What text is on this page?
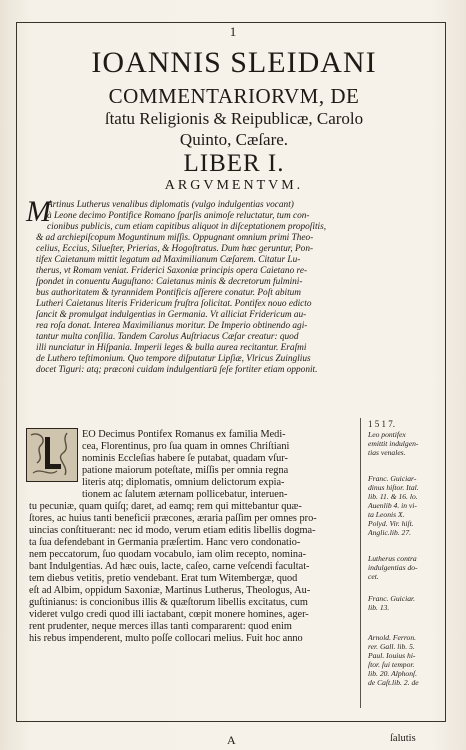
1
IOANNIS SLEIDANI
COMMENTARIORVM, DE
ſtatu Religionis & Reipublicæ, Carolo
Quinto, Cæſare.
LIBER I.
ARGVMENTVM.
M
Artinus Lutherus venalibus diplomatis (vulgo indulgentias vocant)
à Leone decimo Pontifice Romano ſparſis animoſe reluctatur, tum con-
cionibus publicis, cum etiam capitibus aliquot in diſceptationem propoſitis,
& ad archiepiſcopum Moguntinum miſſis. Oppugnant omnium primi Theo-
celius, Eccius, Silueſter, Prierias, & Hogoſtratus. Dum hæc geruntur, Pon-
tifex Caietanum mittit legatum ad Maximilianum Cæſarem. Citatur Lu-
therus, vt Romam veniat. Friderici Saxoniæ principis opera Caietano re-
ſpondet in conuentu Auguſtano: Caietanus minis & decretorum fulmini-
bus authoritatem & tyrannidem Pontificis aſſerere conatur. Poſt abitum
Lutheri Caietanus literis Fridericum fruſtra ſolicitat. Pontifex nouo edicto
ſancit & promulgat indulgentias in Germania. Vt alliciat Fridericum au-
rea roſa donat. Interea Maximilianus moritur. De Imperio obtinendo agi-
tantur multa conſilia. Tandem Carolus Auſtriacus Cæſar creatur: quod
illi nunciatur in Hiſpania. Imperii leges & bulla aurea recitantur. Eraſmi
de Luthero teſtimonium. Quo tempore diſputatur Lipſiæ, Vlricus Zuinglius
docet Tiguri: atq; præconi cuidam indulgentiarū ſeſe fortiter etiam opponit.
EO Decimus Pontifex Romanus ex familia Medi-
cea, Florentinus, pro ſua quam in omnes Chriſtiani
nominis Eccleſias habere ſe putabat, quadam vſur-
patione maiorum poteſtate, miſſis per omnia regna
literis atq; diplomatis, omnium delictorum expia-
tionem ac ſalutem æternam pollicebatur, interuen-
tu pecuniæ, quam quiſq; daret, ad eamq; rem qui mittebantur quæ-
ſtores, ac huius tanti beneficii præcones, æraria paſſim per omnes pro-
uincias conſtituerant: nec id modo, verum etiam editis libellis dogma-
ta ſua defendebant in Germania præſertim. Hanc vero condonatio-
nem peccatorum, ſuo quodam vocabulo, iam olim recepto, nomina-
bant Indulgentias. Ad hæc ouis, lacte, caſeo, carne veſcendi facultat-
tem diebus vetitis, pretio vendebant. Erat tum Witembergæ, quod
eſt ad Albim, oppidum Saxoniæ, Martinus Lutherus, Theologus, Au-
guſtinianus: is concionibus illis & quæſtorum libellis excitatus, cum
videret vulgo credi quod illi iactabant, cœpit monere homines, ager-
rent prudenter, neque merces illas tanti compararent: quod enim
his rebus impenderent, multo poſſe collocari melius. Fuit hoc anno
1 5 1 7.
Leo pontifex
emittit indulgen-
tias venales.
Franc. Guiciar-
dinus hiſtor. Ital.
lib. 11. & 16. lo.
Auenlib 4. in vi-
ta Leonis X.
Polyd. Vir. hiſt.
Anglic.lib. 27.
Lutherus contra
indulgentias do-
cet.
Franc. Guiciar.
lib. 13.
Arnold. Ferron.
rer. Gall. lib. 5.
Paul. Iouius hi-
ſtor. ſui tempor.
lib. 20. Alphonſ.
de Caſt.lib. 2. de
A	ſalutis
